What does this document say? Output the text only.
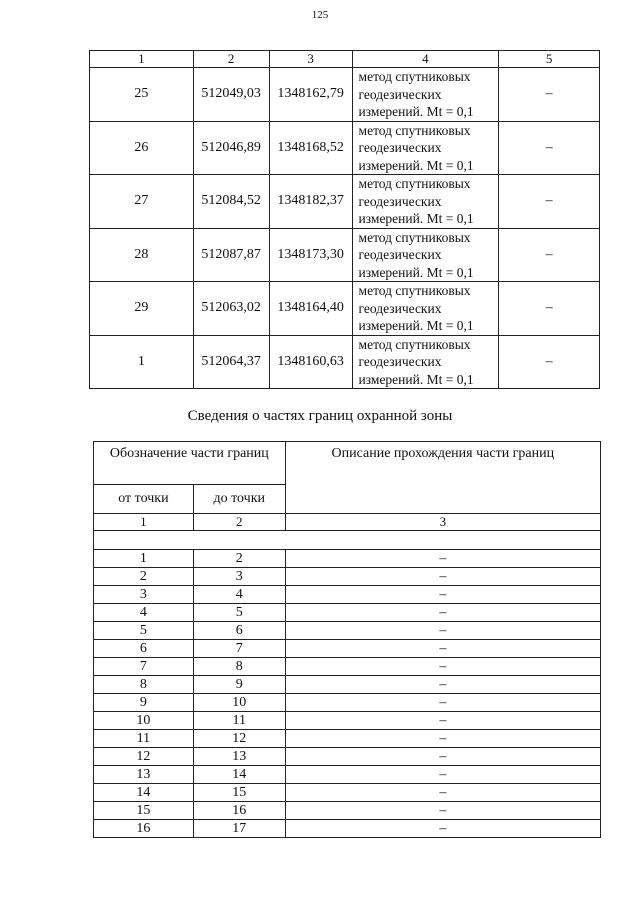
125
1	2	3	4	5
25	512049,03	1348162,79	метод спутниковых
геодезических
измерений. Mt = 0,1	–
26	512046,89	1348168,52	метод спутниковых
геодезических
измерений. Mt = 0,1	–
27	512084,52	1348182,37	метод спутниковых
геодезических
измерений. Mt = 0,1	–
28	512087,87	1348173,30	метод спутниковых
геодезических
измерений. Mt = 0,1	–
29	512063,02	1348164,40	метод спутниковых
геодезических
измерений. Mt = 0,1	–
1	512064,37	1348160,63	метод спутниковых
геодезических
измерений. Mt = 0,1	–
Сведения о частях границ охранной зоны
Обозначение части границ		Описание прохождения части границ
от точки	до точки	
1	2	3

1	2	–
2	3	–
3	4	–
4	5	–
5	6	–
6	7	–
7	8	–
8	9	–
9	10	–
10	11	–
11	12	–
12	13	–
13	14	–
14	15	–
15	16	–
16	17	–
